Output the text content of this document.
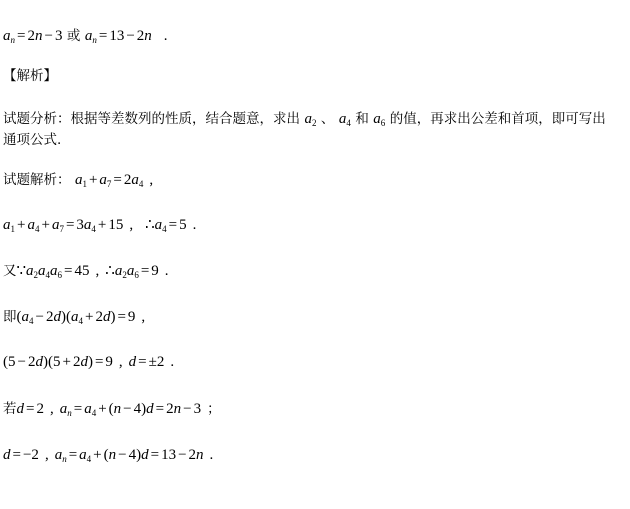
$a_n = 2n - 3$ 或 $a_n = 13 - 2n$ .
【解析】
试题分析：根据等差数列的性质，结合题意，求出 $a_2$ 、 $a_4$ 和 $a_6$ 的值，再求出公差和首项，即可写出
通项公式.
试题解析： $a_1 + a_7 = 2a_4$ ,
$a_1 + a_4 + a_7 = 3a_4 + 15$ , $\therefore a_4 = 5$ .
又$\because a_2a_4a_6 = 45$ , $\therefore a_2a_6 = 9$ .
即$(a_4 - 2d)(a_4 + 2d) = 9$ ,
(5 − 2d)(5 + 2d) = 9 , d = ±2 .
若d = 2 , $a_n = a_4 + (n - 4)d = 2n - 3$ ；
d = −2 , $a_n = a_4 + (n - 4)d = 13 - 2n$ .
